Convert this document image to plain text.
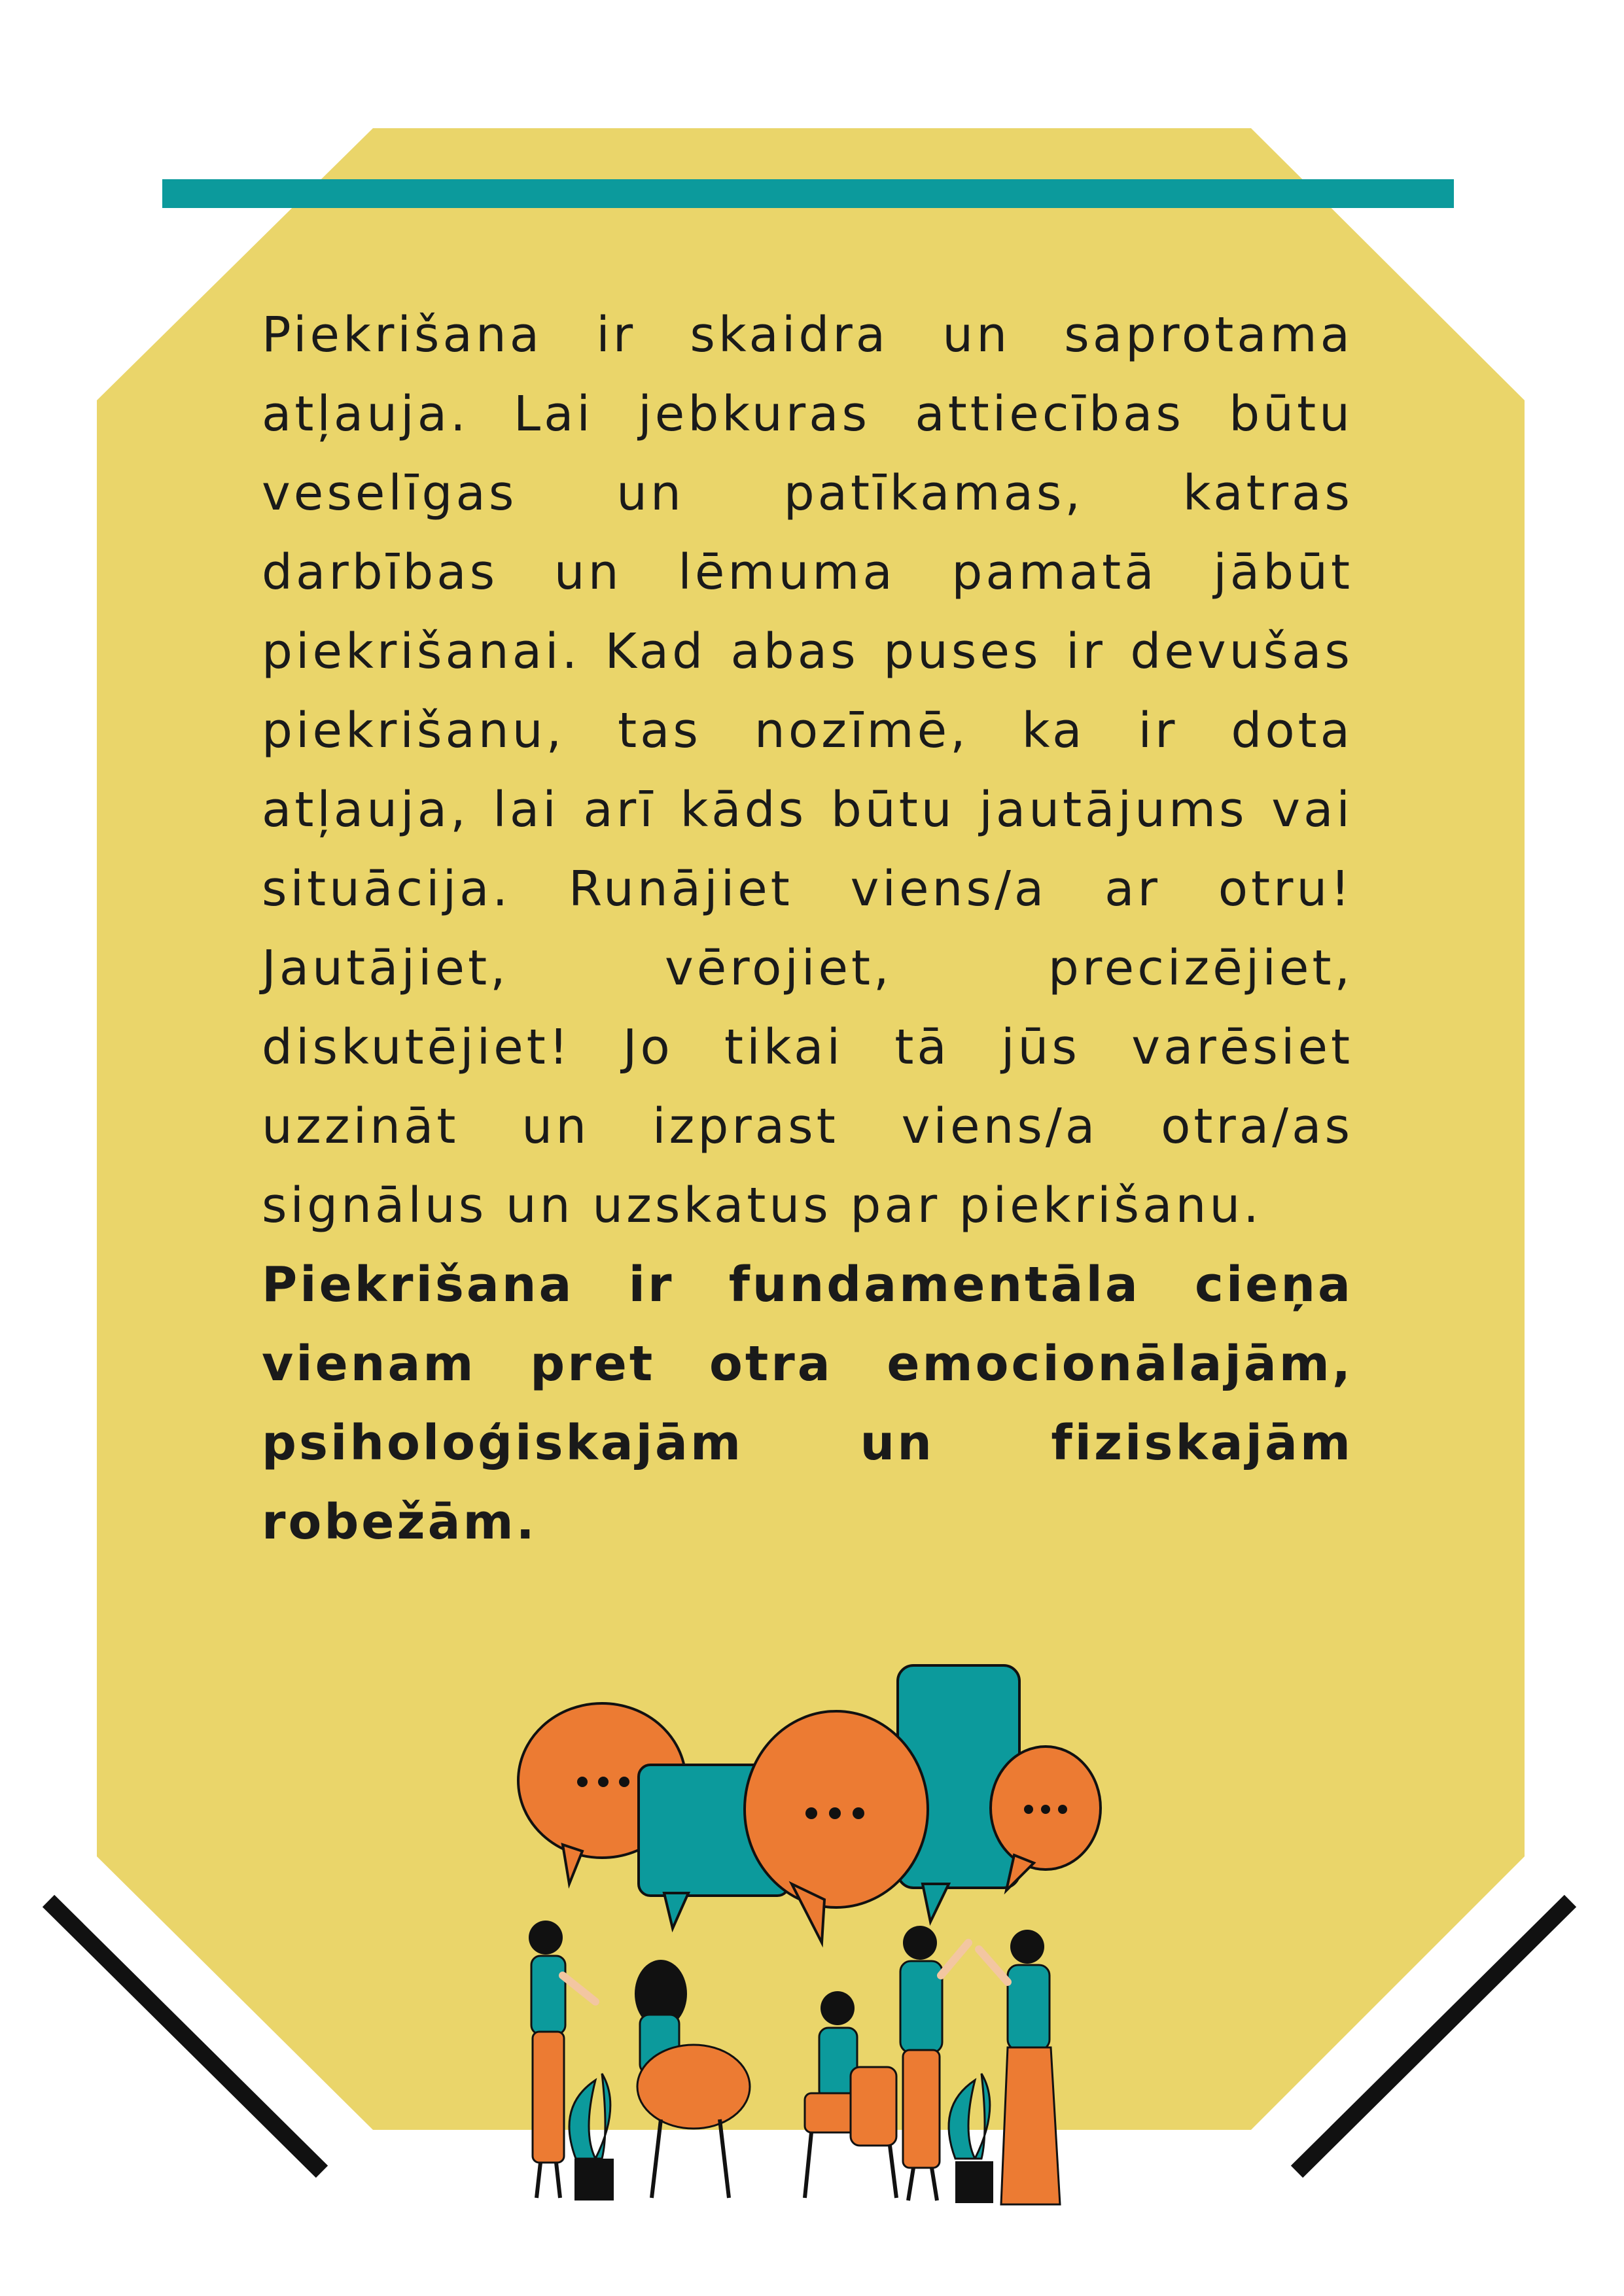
Piekrišana ir skaidra un saprotama atļauja. Lai jebkuras attiecības būtu veselīgas un patīkamas, katras darbības un lēmuma pamatā jābūt piekrišanai. Kad abas puses ir devušas piekrišanu, tas nozīmē, ka ir dota atļauja, lai arī kāds būtu jautājums vai situācija. Runājiet viens/a ar otru! Jautājiet, vērojiet, precizējiet, diskutējiet! Jo tikai tā jūs varēsiet uzzināt un izprast viens/a otra/as signālus un uzskatus par piekrišanu.

Piekrišana ir fundamentāla cieņa vienam pret otra emocionālajām, psiholoģiskajām un fiziskajām robežām.
